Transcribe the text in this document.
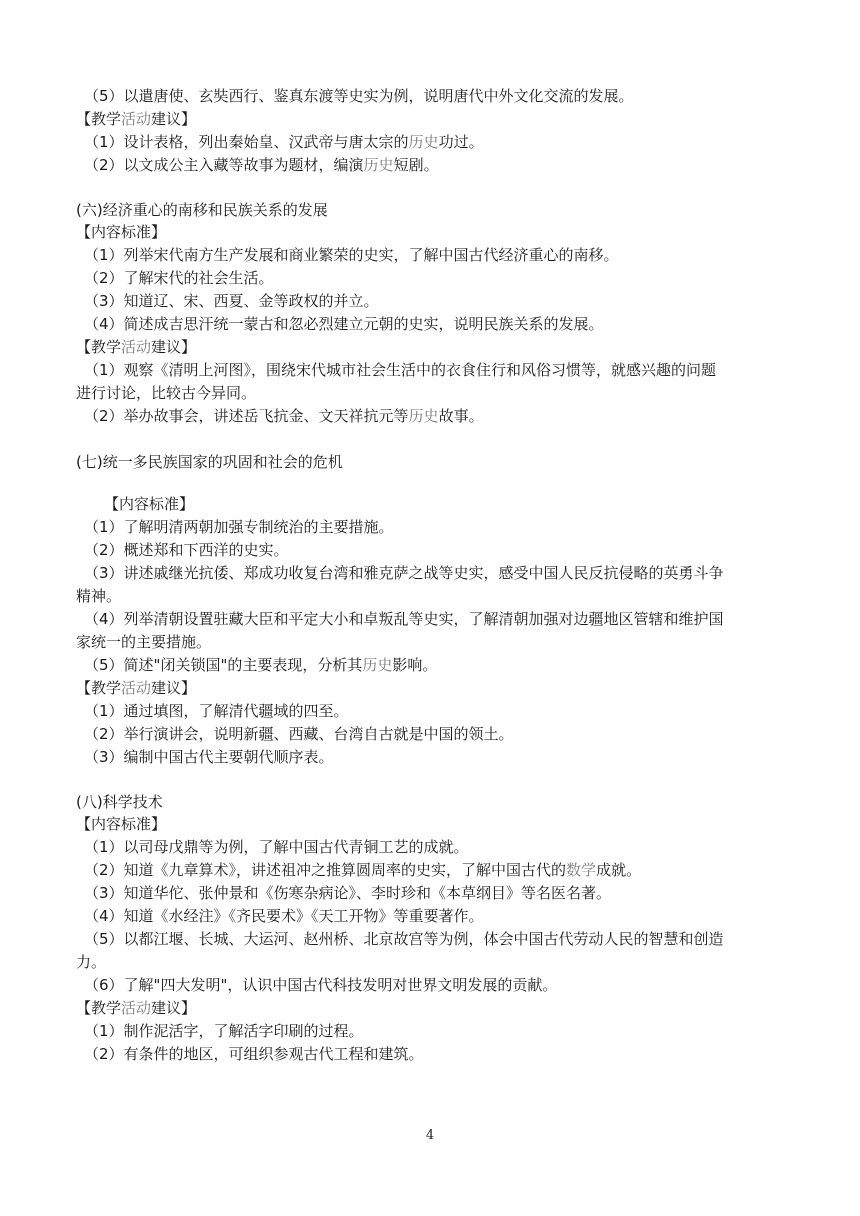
（5）以遣唐使、玄奘西行、鉴真东渡等史实为例，说明唐代中外文化交流的发展。
【教学活动建议】
（1）设计表格，列出秦始皇、汉武帝与唐太宗的历史功过。
（2）以文成公主入藏等故事为题材，编演历史短剧。
(六)经济重心的南移和民族关系的发展
【内容标准】
（1）列举宋代南方生产发展和商业繁荣的史实，了解中国古代经济重心的南移。
（2）了解宋代的社会生活。
（3）知道辽、宋、西夏、金等政权的并立。
（4）简述成吉思汗统一蒙古和忽必烈建立元朝的史实，说明民族关系的发展。
【教学活动建议】
（1）观察《清明上河图》，围绕宋代城市社会生活中的衣食住行和风俗习惯等，就感兴趣的问题
进行讨论，比较古今异同。
（2）举办故事会，讲述岳飞抗金、文天祥抗元等历史故事。
(七)统一多民族国家的巩固和社会的危机
【内容标准】
（1）了解明清两朝加强专制统治的主要措施。
（2）概述郑和下西洋的史实。
（3）讲述戚继光抗倭、郑成功收复台湾和雅克萨之战等史实，感受中国人民反抗侵略的英勇斗争
精神。
（4）列举清朝设置驻藏大臣和平定大小和卓叛乱等史实，了解清朝加强对边疆地区管辖和维护国
家统一的主要措施。
（5）简述"闭关锁国"的主要表现，分析其历史影响。
【教学活动建议】
（1）通过填图，了解清代疆域的四至。
（2）举行演讲会，说明新疆、西藏、台湾自古就是中国的领土。
（3）编制中国古代主要朝代顺序表。
(八)科学技术
【内容标准】
（1）以司母戊鼎等为例，了解中国古代青铜工艺的成就。
（2）知道《九章算术》，讲述祖冲之推算圆周率的史实，了解中国古代的数学成就。
（3）知道华佗、张仲景和《伤寒杂病论》、李时珍和《本草纲目》等名医名著。
（4）知道《水经注》《齐民要术》《天工开物》等重要著作。
（5）以都江堰、长城、大运河、赵州桥、北京故宫等为例，体会中国古代劳动人民的智慧和创造
力。
（6）了解"四大发明"，认识中国古代科技发明对世界文明发展的贡献。
【教学活动建议】
（1）制作泥活字，了解活字印刷的过程。
（2）有条件的地区，可组织参观古代工程和建筑。
4
